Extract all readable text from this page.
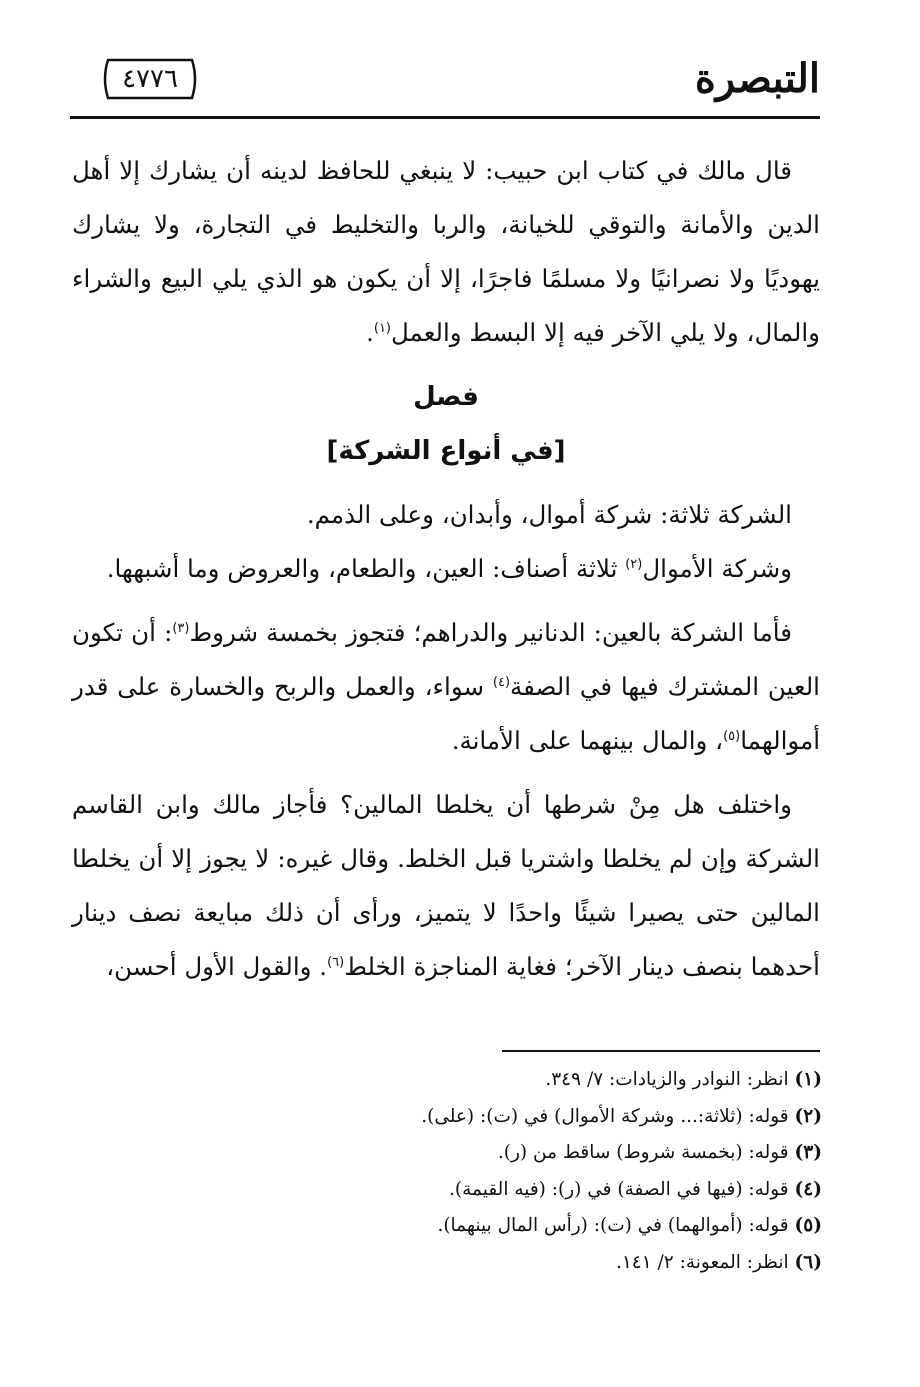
التبصرة
٤٧٧٦

قال مالك في كتاب ابن حبيب: لا ينبغي للحافظ لدينه أن يشارك إلا أهل الدين والأمانة والتوقي للخيانة، والربا والتخليط في التجارة، ولا يشارك يهوديًا ولا نصرانيًا ولا مسلمًا فاجرًا، إلا أن يكون هو الذي يلي البيع والشراء والمال، ولا يلي الآخر فيه إلا البسط والعمل$^{(١)}$.

فصل
[في أنواع الشركة]

الشركة ثلاثة: شركة أموال، وأبدان، وعلى الذمم.

وشركة الأموال$^{(٢)}$ ثلاثة أصناف: العين، والطعام، والعروض وما أشبهها.

فأما الشركة بالعين: الدنانير والدراهم؛ فتجوز بخمسة شروط$^{(٣)}$: أن تكون العين المشترك فيها في الصفة$^{(٤)}$ سواء، والعمل والربح والخسارة على قدر أموالهما$^{(٥)}$، والمال بينهما على الأمانة.

واختلف هل مِنْ شرطها أن يخلطا المالين؟ فأجاز مالك وابن القاسم الشركة وإن لم يخلطا واشتريا قبل الخلط. وقال غيره: لا يجوز إلا أن يخلطا المالين حتى يصيرا شيئًا واحدًا لا يتميز، ورأى أن ذلك مبايعة نصف دينار أحدهما بنصف دينار الآخر؛ فغاية المناجزة الخلط$^{(٦)}$. والقول الأول أحسن،

(١) انظر: النوادر والزيادات: ٧/ ٣٤٩.
(٢) قوله: (ثلاثة:... وشركة الأموال) في (ت): (على).
(٣) قوله: (بخمسة شروط) ساقط من (ر).
(٤) قوله: (فيها في الصفة) في (ر): (فيه القيمة).
(٥) قوله: (أموالهما) في (ت): (رأس المال بينهما).
(٦) انظر: المعونة: ٢/ ١٤١.
